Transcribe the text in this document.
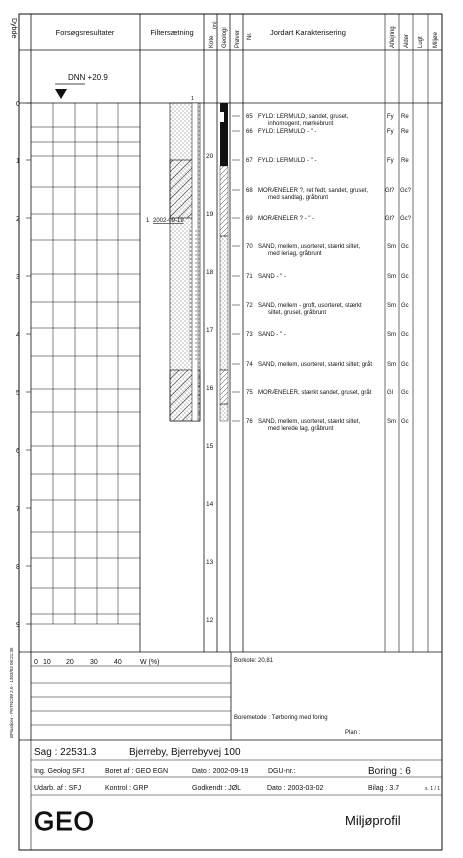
Dybde	Forsøgsresultater	Filtersætning
Kote
(m)
Geologi Prøver Nr. Jordart Karakterisering	Aflejring Alder Lugt Miljøe
DNN +20.9
0
1
2
3
4
5
6
7
8
9
1
1 2002-09-19
20
19
18
17
16
15
14
13
12
65 FYLD: LERMULD, sandet, gruset,
inhomogent, mørkebrunt
Fy Re
66 FYLD: LERMULD - " -	Fy Re
67 FYLD: LERMULD - " -	Fy Re
68 MORÆNELER ?, ret fedt, sandet, gruset,
med sandlag, gråbrunt
Gl? Gc?
69 MORÆNELER ? - " -	Gl? Gc?
70 SAND, mellem, usorteret, stærkt siltet,
med leriag, gråbrunt
Sm Gc
71 SAND - " -	Sm Gc
72 SAND, mellem - groft, usorteret, stærkt
siltet, gruset, gråbrunt
Sm Gc
73 SAND - " -	Sm Gc
74 SAND, mellem, usorteret, stærkt siltet; gråt Sm Gc
75 MORÆNELER, stærkt sandet, gruset, gråt	Gl Gc
76 SAND, mellem, usorteret, stærkt siltet,
med lerede lag, gråbrunt
Sm Gc
0 10 20 30 40	W (%)	Borkote: 20,81
Boremetode : Tørboring med foring
Plan :
BPlasticer - PETNOW 2.0 - 1303/03 06:21:36
Sag : 22531.3	Bjerreby, Bjerrebyvej 100
Ing. Geolog SFJ	Boret af : GEO EGN	Dato : 2002-09-19	DGU-nr.:	Boring : 6
Udarb. af : SFJ	Kontrol : GRP	Godkendt : JØL	Dato : 2003-03-02	Bilag : 3.7	s. 1 / 1
GEO	Miljøprofil
